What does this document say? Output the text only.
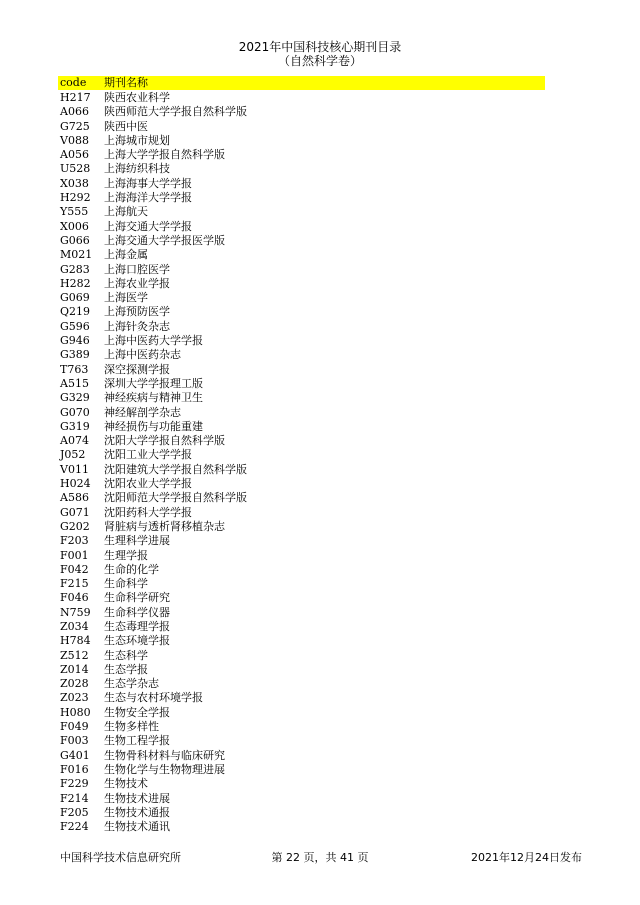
2021年中国科技核心期刊目录
（自然科学卷）
code 期刊名称
H217 陕西农业科学
A066 陕西师范大学学报自然科学版
G725 陕西中医
V088 上海城市规划
A056 上海大学学报自然科学版
U528 上海纺织科技
X038 上海海事大学学报
H292 上海海洋大学学报
Y555 上海航天
X006 上海交通大学学报
G066 上海交通大学学报医学版
M021 上海金属
G283 上海口腔医学
H282 上海农业学报
G069 上海医学
Q219 上海预防医学
G596 上海针灸杂志
G946 上海中医药大学学报
G389 上海中医药杂志
T763 深空探测学报
A515 深圳大学学报理工版
G329 神经疾病与精神卫生
G070 神经解剖学杂志
G319 神经损伤与功能重建
A074 沈阳大学学报自然科学版
J052 沈阳工业大学学报
V011 沈阳建筑大学学报自然科学版
H024 沈阳农业大学学报
A586 沈阳师范大学学报自然科学版
G071 沈阳药科大学学报
G202 肾脏病与透析肾移植杂志
F203 生理科学进展
F001 生理学报
F042 生命的化学
F215 生命科学
F046 生命科学研究
N759 生命科学仪器
Z034 生态毒理学报
H784 生态环境学报
Z512 生态科学
Z014 生态学报
Z028 生态学杂志
Z023 生态与农村环境学报
H080 生物安全学报
F049 生物多样性
F003 生物工程学报
G401 生物骨科材料与临床研究
F016 生物化学与生物物理进展
F229 生物技术
F214 生物技术进展
F205 生物技术通报
F224 生物技术通讯
中国科学技术信息研究所	第 22 页，共 41 页	2021年12月24日发布
